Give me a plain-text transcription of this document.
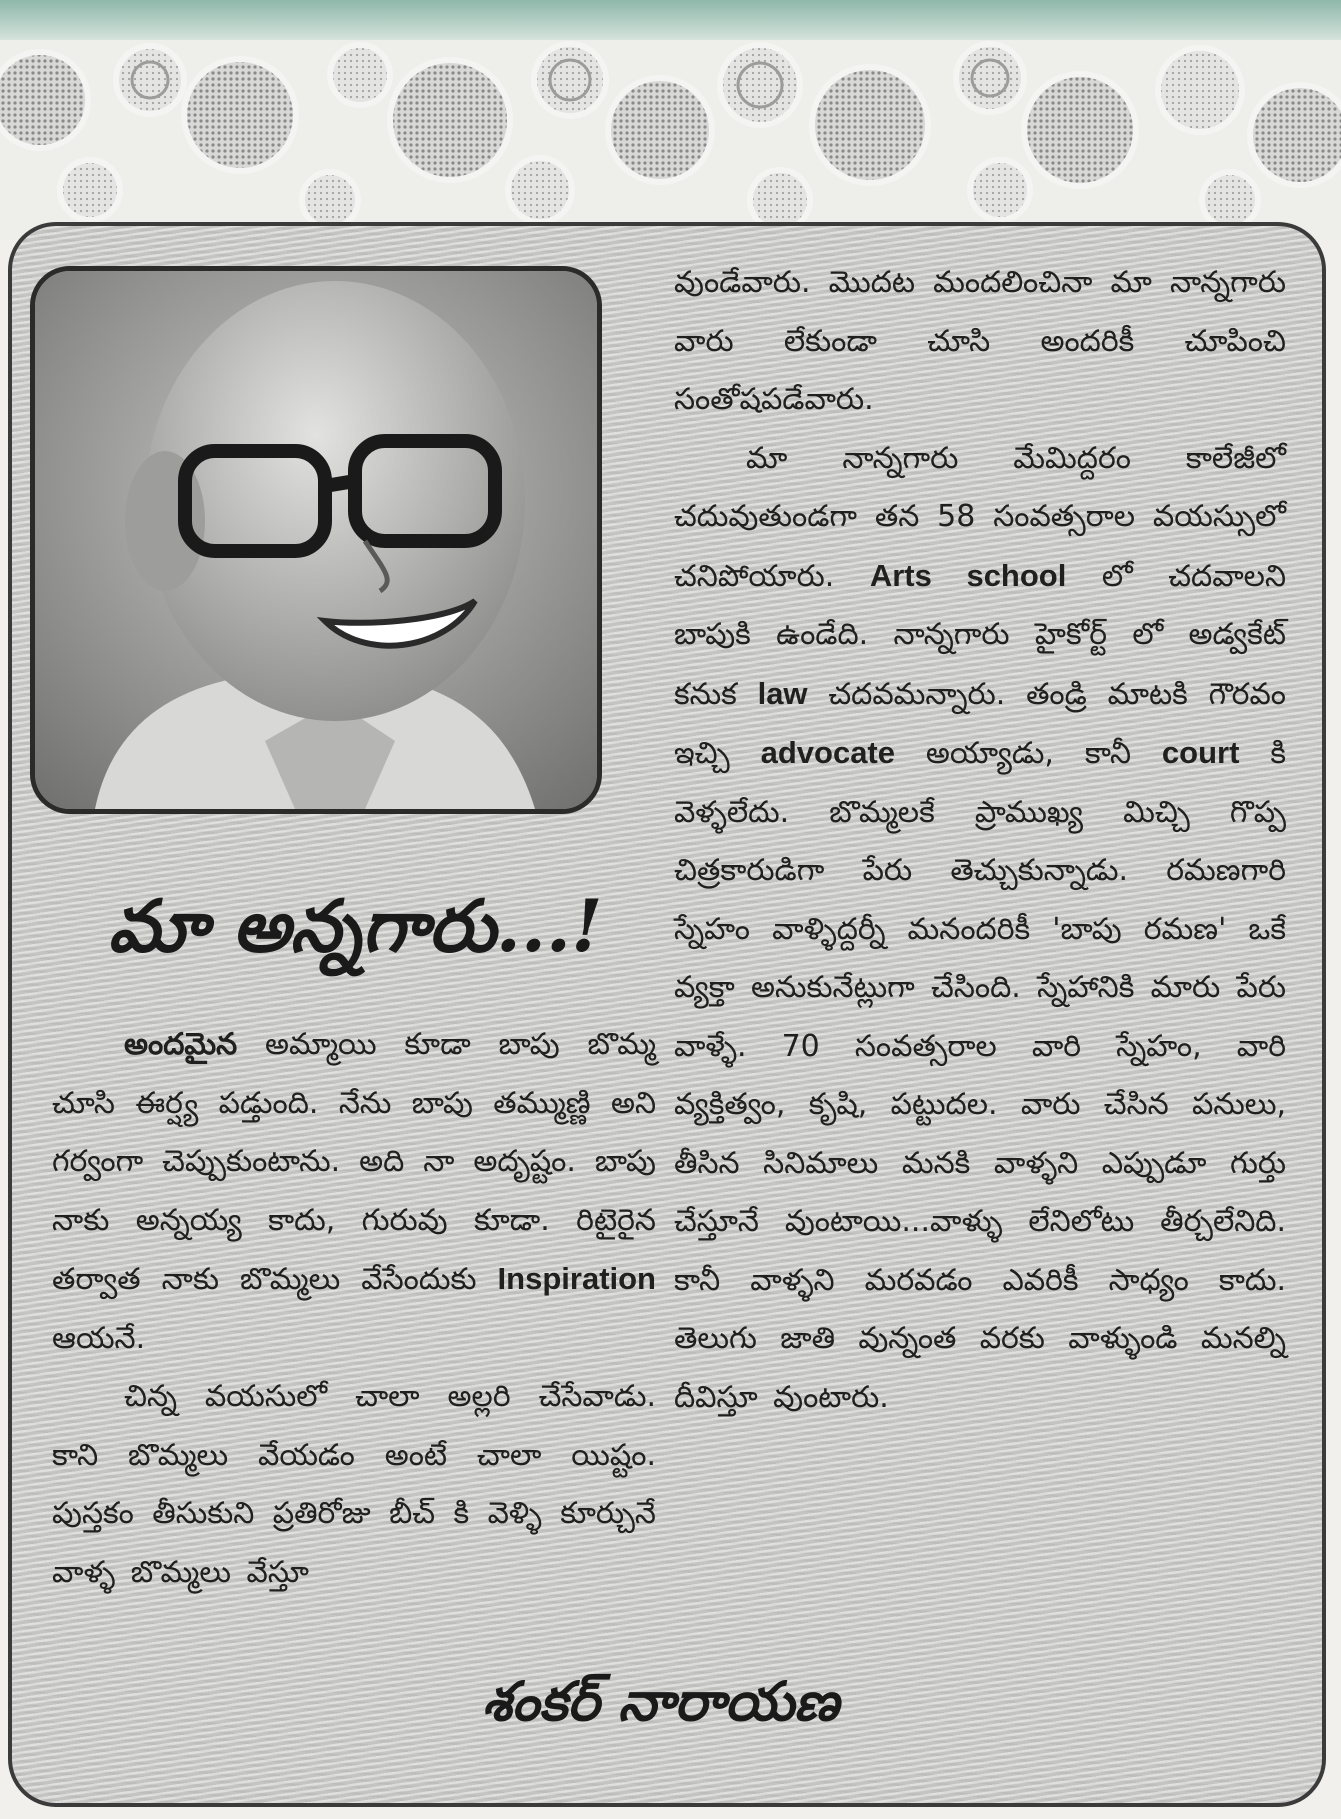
మా అన్నగారు...!

అందమైన అమ్మాయి కూడా బాపు బొమ్మ చూసి ఈర్ష్య పడ్తుంది. నేను బాపు తమ్ముణ్ణి అని గర్వంగా చెప్పుకుంటాను. అది నా అదృష్టం. బాపు నాకు అన్నయ్య కాదు, గురువు కూడా. రిటైరైన తర్వాత నాకు బొమ్మలు వేసేందుకు Inspiration ఆయనే.

చిన్న వయసులో చాలా అల్లరి చేసేవాడు. కాని బొమ్మలు వేయడం అంటే చాలా యిష్టం. పుస్తకం తీసుకుని ప్రతిరోజు బీచ్ కి వెళ్ళి కూర్చునే వాళ్ళ బొమ్మలు వేస్తూ

వుండేవారు. మొదట మందలించినా మా నాన్నగారు వారు లేకుండా చూసి అందరికీ చూపించి సంతోషపడేవారు.

మా నాన్నగారు మేమిద్దరం కాలేజీలో చదువుతుండగా తన 58 సంవత్సరాల వయస్సులో చనిపోయారు. Arts school లో చదవాలని బాపుకి ఉండేది. నాన్నగారు హైకోర్ట్ లో అడ్వకేట్ కనుక law చదవమన్నారు. తండ్రి మాటకి గౌరవం ఇచ్చి advocate అయ్యాడు, కానీ court కి వెళ్ళలేదు. బొమ్మలకే ప్రాముఖ్య మిచ్చి గొప్ప చిత్రకారుడిగా పేరు తెచ్చుకున్నాడు. రమణగారి స్నేహం వాళ్ళిద్దర్నీ మనందరికీ 'బాపు రమణ' ఒకే వ్యక్తా అనుకునేట్లుగా చేసింది. స్నేహానికి మారు పేరు వాళ్ళే. 70 సంవత్సరాల వారి స్నేహం, వారి వ్యక్తిత్వం, కృషి, పట్టుదల. వారు చేసిన పనులు, తీసిన సినిమాలు మనకి వాళ్ళని ఎప్పుడూ గుర్తు చేస్తూనే వుంటాయి...వాళ్ళు లేనిలోటు తీర్చలేనిది. కానీ వాళ్ళని మరవడం ఎవరికీ సాధ్యం కాదు. తెలుగు జాతి వున్నంత వరకు వాళ్ళుండి మనల్ని దీవిస్తూ వుంటారు.

శంకర్ నారాయణ
